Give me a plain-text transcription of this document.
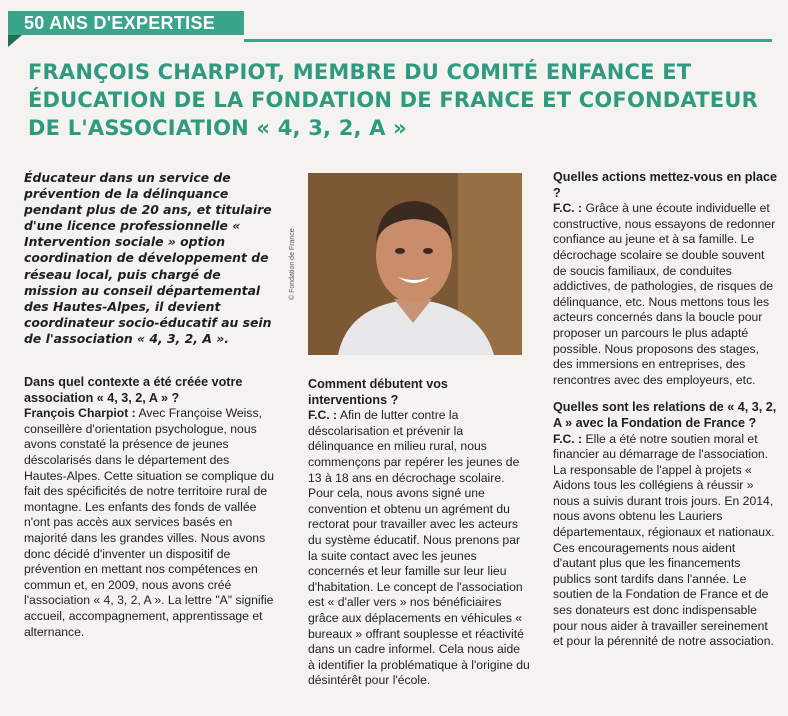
50 ANS D'EXPERTISE
FRANÇOIS CHARPIOT, MEMBRE DU COMITÉ ENFANCE ET ÉDUCATION DE LA FONDATION DE FRANCE ET COFONDATEUR DE L'ASSOCIATION « 4, 3, 2, A »

Éducateur dans un service de prévention de la délinquance pendant plus de 20 ans, et titulaire d'une licence professionnelle « Intervention sociale » option coordination de développement de réseau local, puis chargé de mission au conseil départemental des Hautes-Alpes, il devient coordinateur socio-éducatif au sein de l'association « 4, 3, 2, A ».

Dans quel contexte a été créée votre association « 4, 3, 2, A » ?

François Charpiot : Avec Françoise Weiss, conseillère d'orientation psychologue, nous avons constaté la présence de jeunes déscolarisés dans le département des Hautes-Alpes. Cette situation se complique du fait des spécificités de notre territoire rural de montagne. Les enfants des fonds de vallée n'ont pas accès aux services basés en majorité dans les grandes villes. Nous avons donc décidé d'inventer un dispositif de prévention en mettant nos compétences en commun et, en 2009, nous avons créé l'association « 4, 3, 2, A ». La lettre "A" signifie accueil, accompagnement, apprentissage et alternance.

© Fondation de France

Comment débutent vos interventions ?

F.C. : Afin de lutter contre la déscolarisation et prévenir la délinquance en milieu rural, nous commençons par repérer les jeunes de 13 à 18 ans en décrochage scolaire. Pour cela, nous avons signé une convention et obtenu un agrément du rectorat pour travailler avec les acteurs du système éducatif. Nous prenons par la suite contact avec les jeunes concernés et leur famille sur leur lieu d'habitation. Le concept de l'association est « d'aller vers » nos bénéficiaires grâce aux déplacements en véhicules « bureaux » offrant souplesse et réactivité dans un cadre informel. Cela nous aide à identifier la problématique à l'origine du désintérêt pour l'école.

Quelles actions mettez-vous en place ?

F.C. : Grâce à une écoute individuelle et constructive, nous essayons de redonner confiance au jeune et à sa famille. Le décrochage scolaire se double souvent de soucis familiaux, de conduites addictives, de pathologies, de risques de délinquance, etc. Nous mettons tous les acteurs concernés dans la boucle pour proposer un parcours le plus adapté possible. Nous proposons des stages, des immersions en entreprises, des rencontres avec des employeurs, etc.

Quelles sont les relations de « 4, 3, 2, A » avec la Fondation de France ?

F.C. : Elle a été notre soutien moral et financier au démarrage de l'association. La responsable de l'appel à projets « Aidons tous les collégiens à réussir » nous a suivis durant trois jours. En 2014, nous avons obtenu les Lauriers départementaux, régionaux et nationaux. Ces encouragements nous aident d'autant plus que les financements publics sont tardifs dans l'année. Le soutien de la Fondation de France et de ses donateurs est donc indispensable pour nous aider à travailler sereinement et pour la pérennité de notre association.
